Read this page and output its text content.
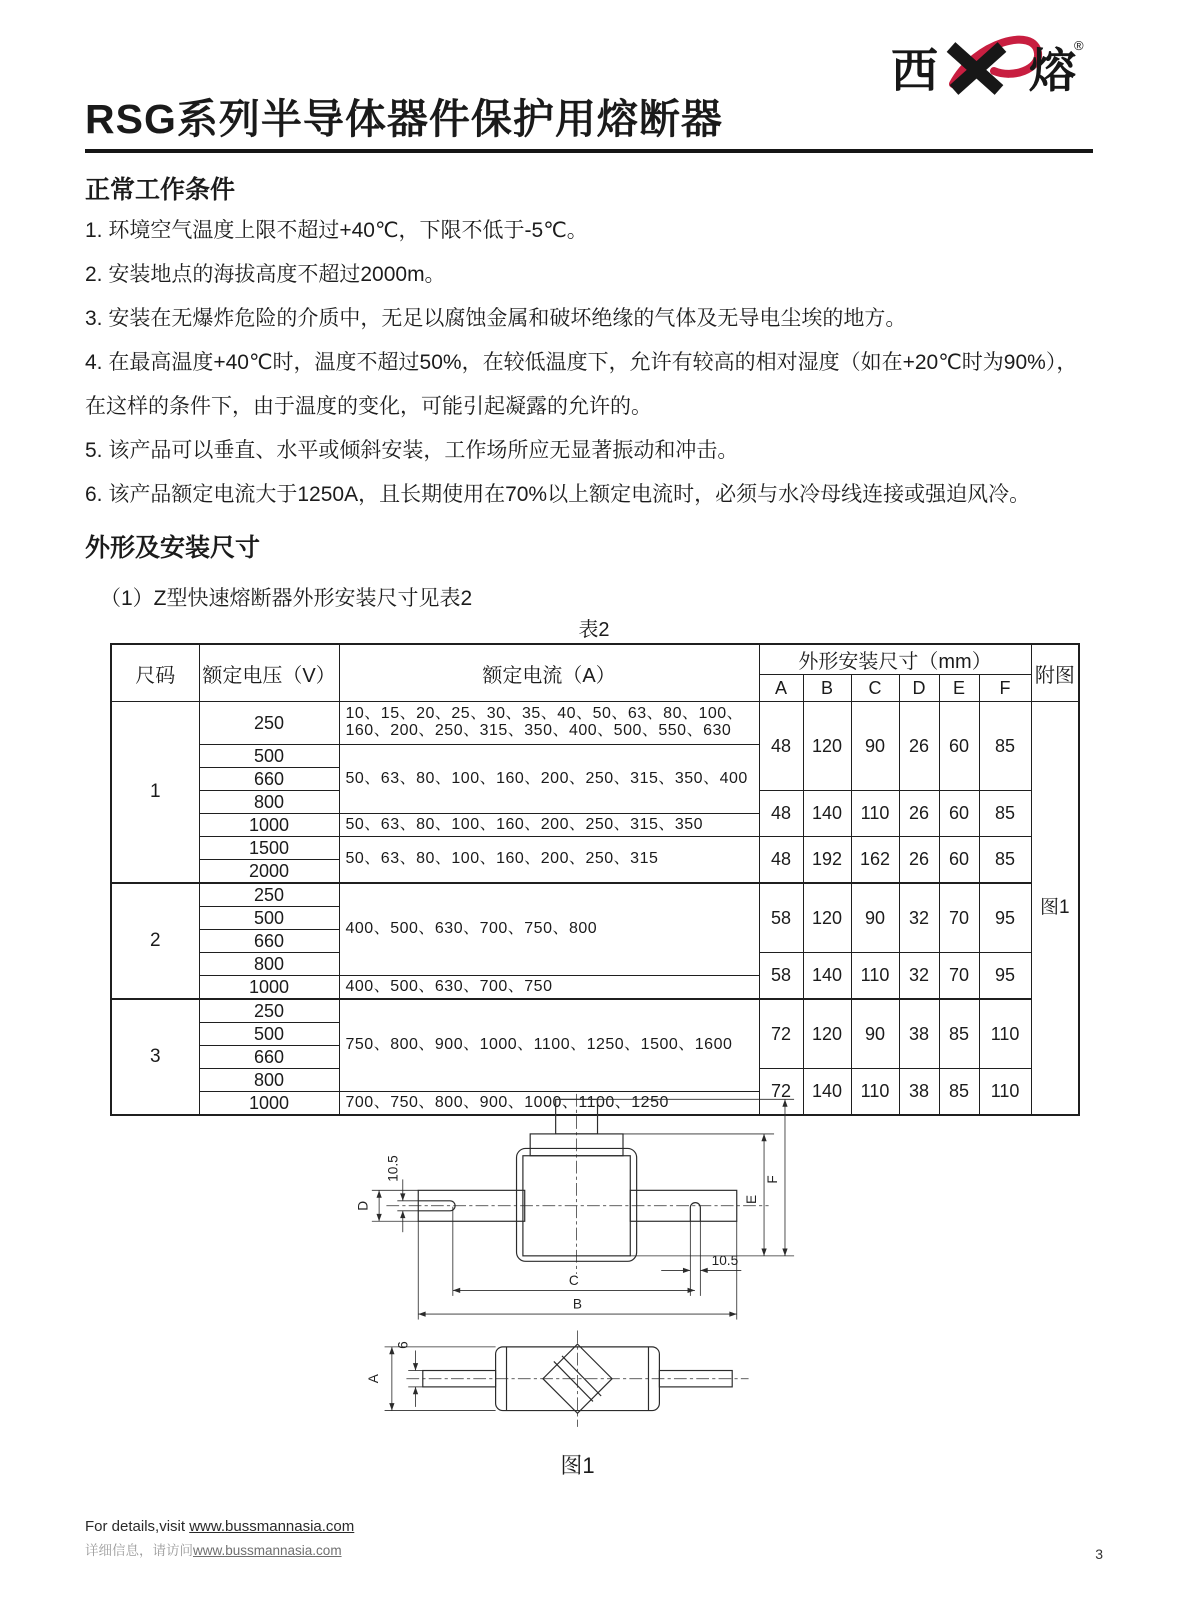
西 熔
®
RSG系列半导体器件保护用熔断器
正常工作条件
1. 环境空气温度上限不超过+40℃，下限不低于-5℃。
2. 安装地点的海拔高度不超过2000m。
3. 安装在无爆炸危险的介质中，无足以腐蚀金属和破坏绝缘的气体及无导电尘埃的地方。
4. 在最高温度+40℃时，温度不超过50%，在较低温度下，允许有较高的相对湿度（如在+20℃时为90%），
在这样的条件下，由于温度的变化，可能引起凝露的允许的。
5. 该产品可以垂直、水平或倾斜安装，工作场所应无显著振动和冲击。
6. 该产品额定电流大于1250A，且长期使用在70%以上额定电流时，必须与水冷母线连接或强迫风冷。
外形及安装尺寸
（1）Z型快速熔断器外形安装尺寸见表2
表2
尺码	额定电压（V）	额定电流（A）	外形安装尺寸（mm）						附图
			A	B	C	D	E	F	
1	250	10、15、20、25、30、35、40、50、63、80、100、160、200、250、315、350、400、500、550、630	48	120	90	26	60	85	图1
	500	50、63、80、100、160、200、250、315、350、400							
	660								
	800		48	140	110	26	60	85	
	1000	50、63、80、100、160、200、250、315、350							
	1500	50、63、80、100、160、200、250、315	48	192	162	26	60	85	
	2000								
2	250	400、500、630、700、750、800	58	120	90	32	70	95	
	500								
	660								
	800		58	140	110	32	70	95	
	1000	400、500、630、700、750							
3	250	750、800、900、1000、1100、1250、1500、1600	72	120	90	38	85	110	
	500								
	660								
	800		72	140	110	38	85	110	
	1000	700、750、800、900、1000、1100、1250							
10.5
D
E
F
10.5
C
B
A
6
图1
For details,visit www.bussmannasia.com
详细信息，请访问www.bussmannasia.com	3
